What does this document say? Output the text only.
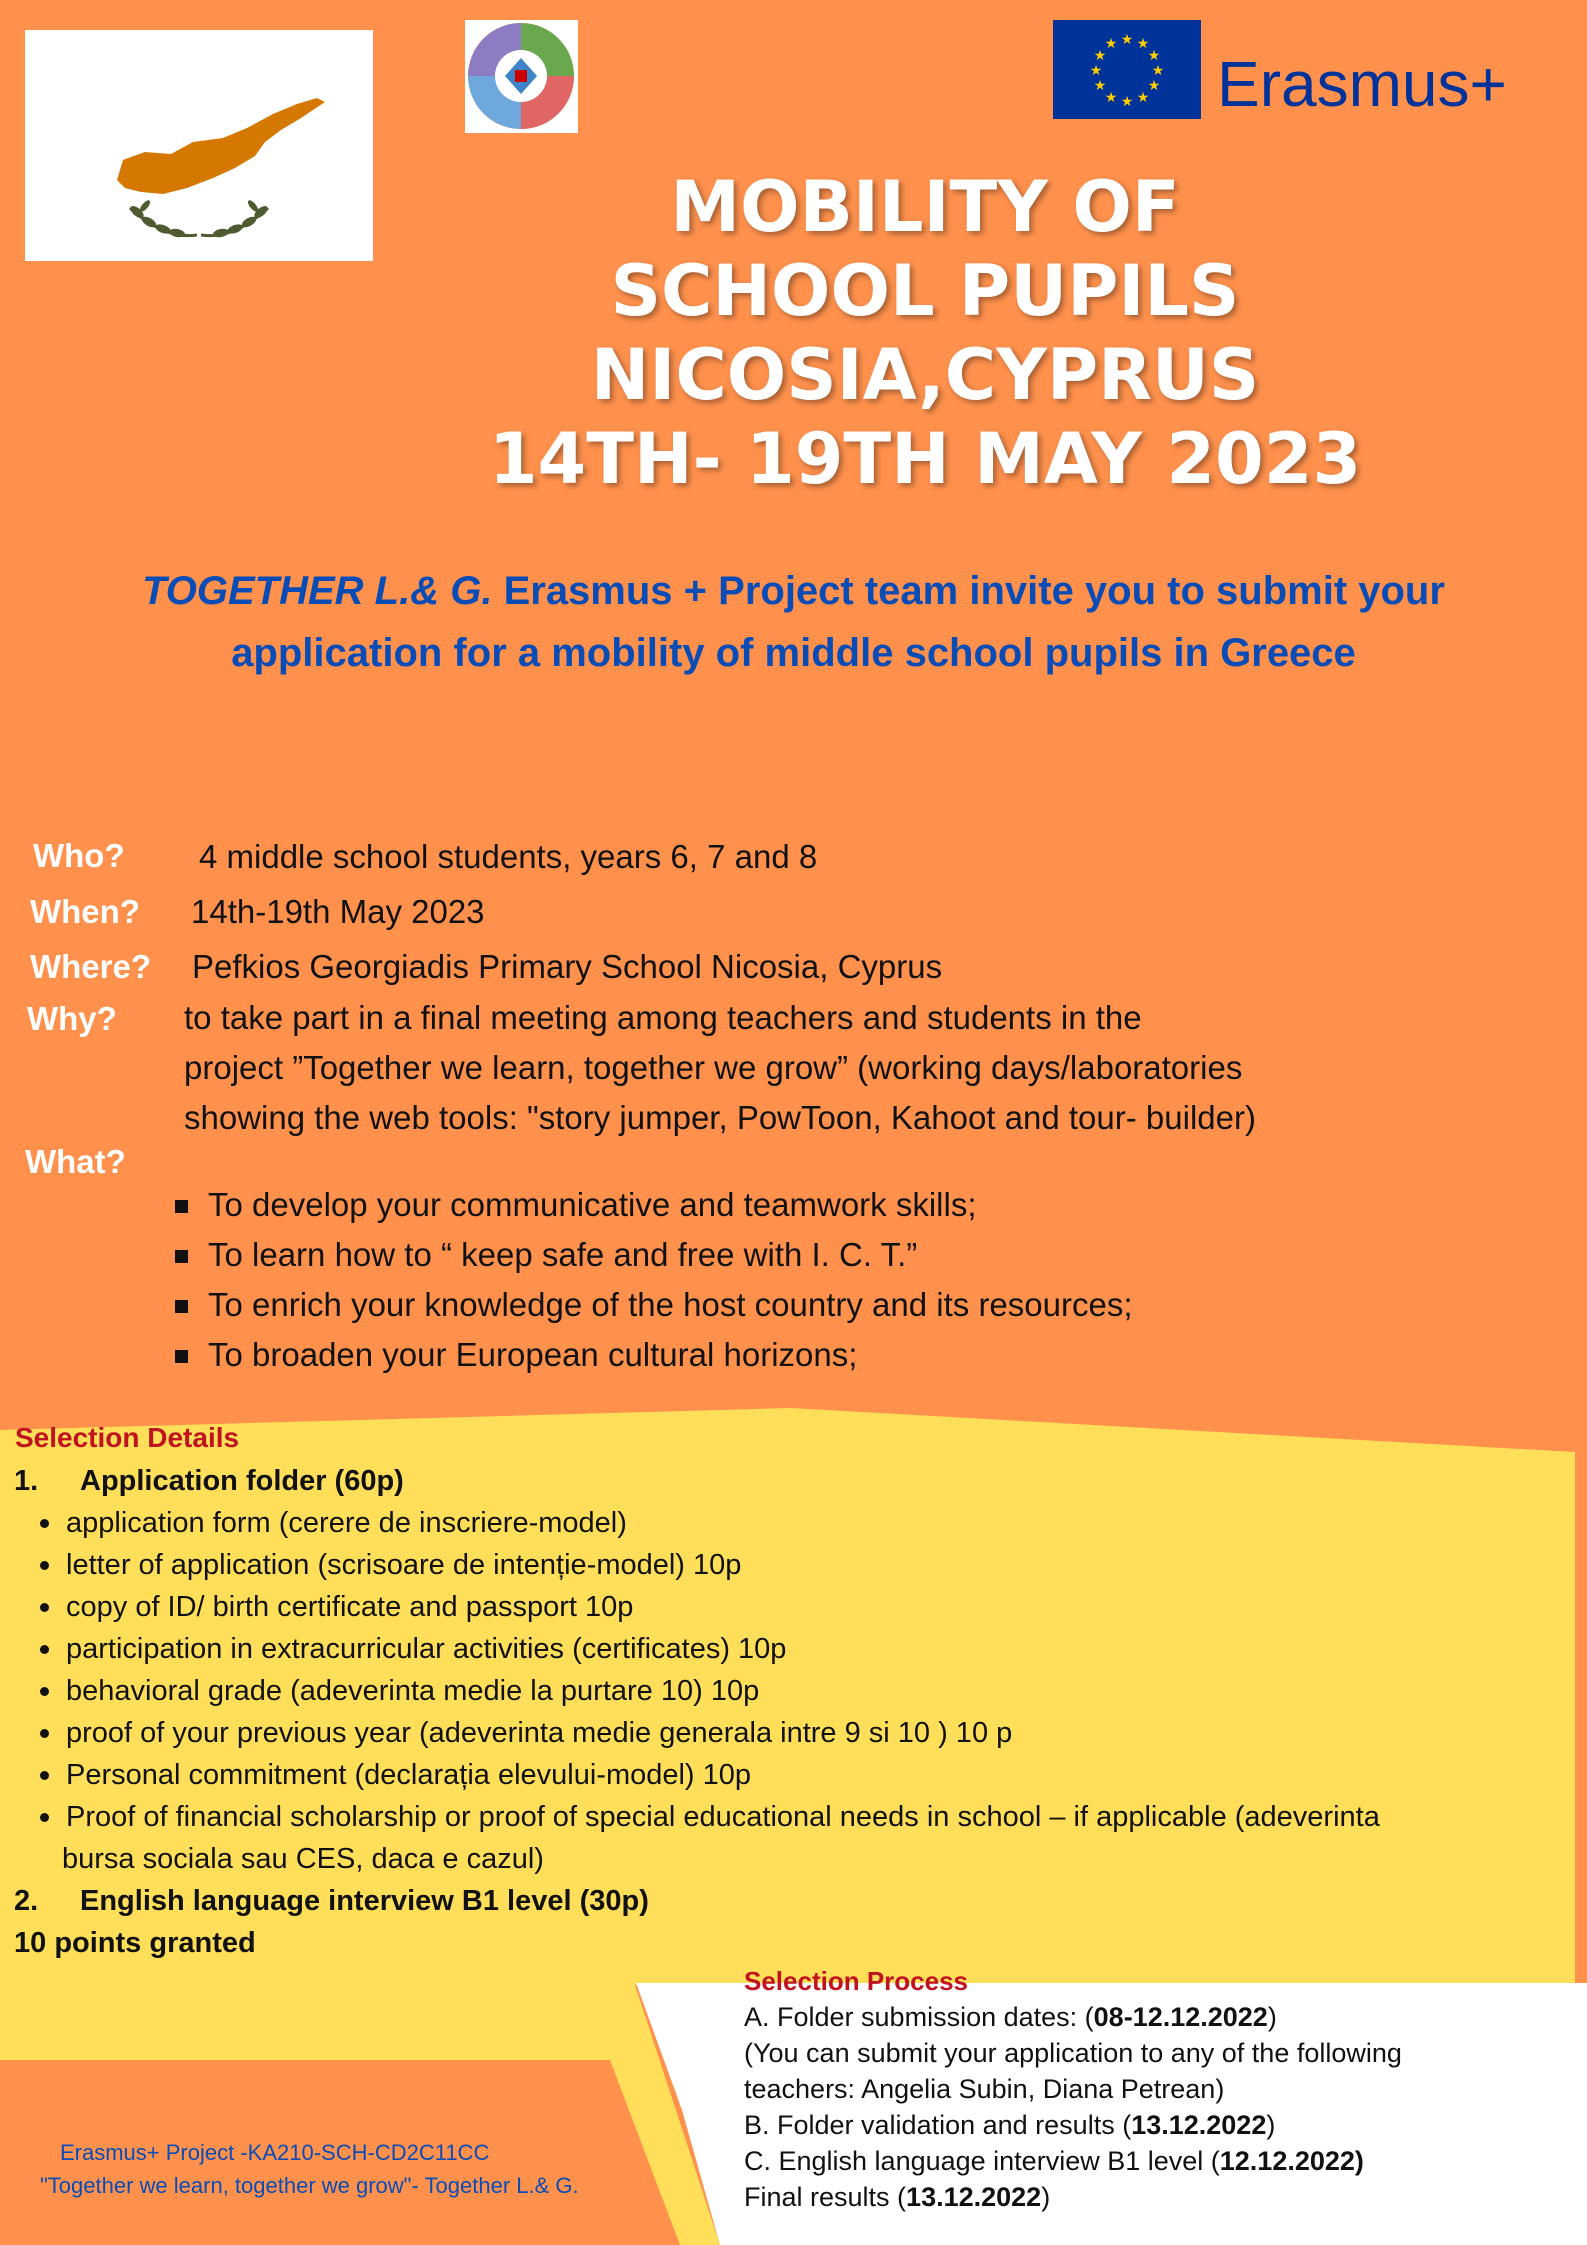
★ ★
★
★
★
★
★
★
★
★
★
★
Erasmus+
MOBILITY OF
SCHOOL PUPILS
NICOSIA,CYPRUS
14TH- 19TH MAY 2023
TOGETHER L.& G. Erasmus + Project team invite you to submit your
application for a mobility of middle school pupils in Greece
Who? 4 middle school students, years 6, 7 and 8
When? 14th-19th May 2023
Where? Pefkios Georgiadis Primary School Nicosia, Cyprus
Why? to take part in a final meeting among teachers and students in the
project ”Together we learn, together we grow” (working days/laboratories
showing the web tools: "story jumper, PowToon, Kahoot and tour- builder)
What?
To develop your communicative and teamwork skills;
To learn how to “ keep safe and free with I. C. T.”
To enrich your knowledge of the host country and its resources;
To broaden your European cultural horizons;
Selection Details
1. Application folder (60p)
application form (cerere de inscriere-model)
letter of application (scrisoare de intenție-model) 10p
copy of ID/ birth certificate and passport 10p
participation in extracurricular activities (certificates) 10p
behavioral grade (adeverinta medie la purtare 10) 10p
proof of your previous year (adeverinta medie generala intre 9 si 10 ) 10 p
Personal commitment (declarația elevului-model) 10p
Proof of financial scholarship or proof of special educational needs in school – if applicable (adeverinta
bursa sociala sau CES, daca e cazul)
2. English language interview B1 level (30p)
10 points granted
Selection Process
A. Folder submission dates: (08-12.12.2022)
(You can submit your application to any of the following
teachers: Angelia Subin, Diana Petrean)
B. Folder validation and results (13.12.2022)
C. English language interview B1 level (12.12.2022)
Final results (13.12.2022)
Erasmus+ Project -KA210-SCH-CD2C11CC
"Together we learn, together we grow"- Together L.& G.
